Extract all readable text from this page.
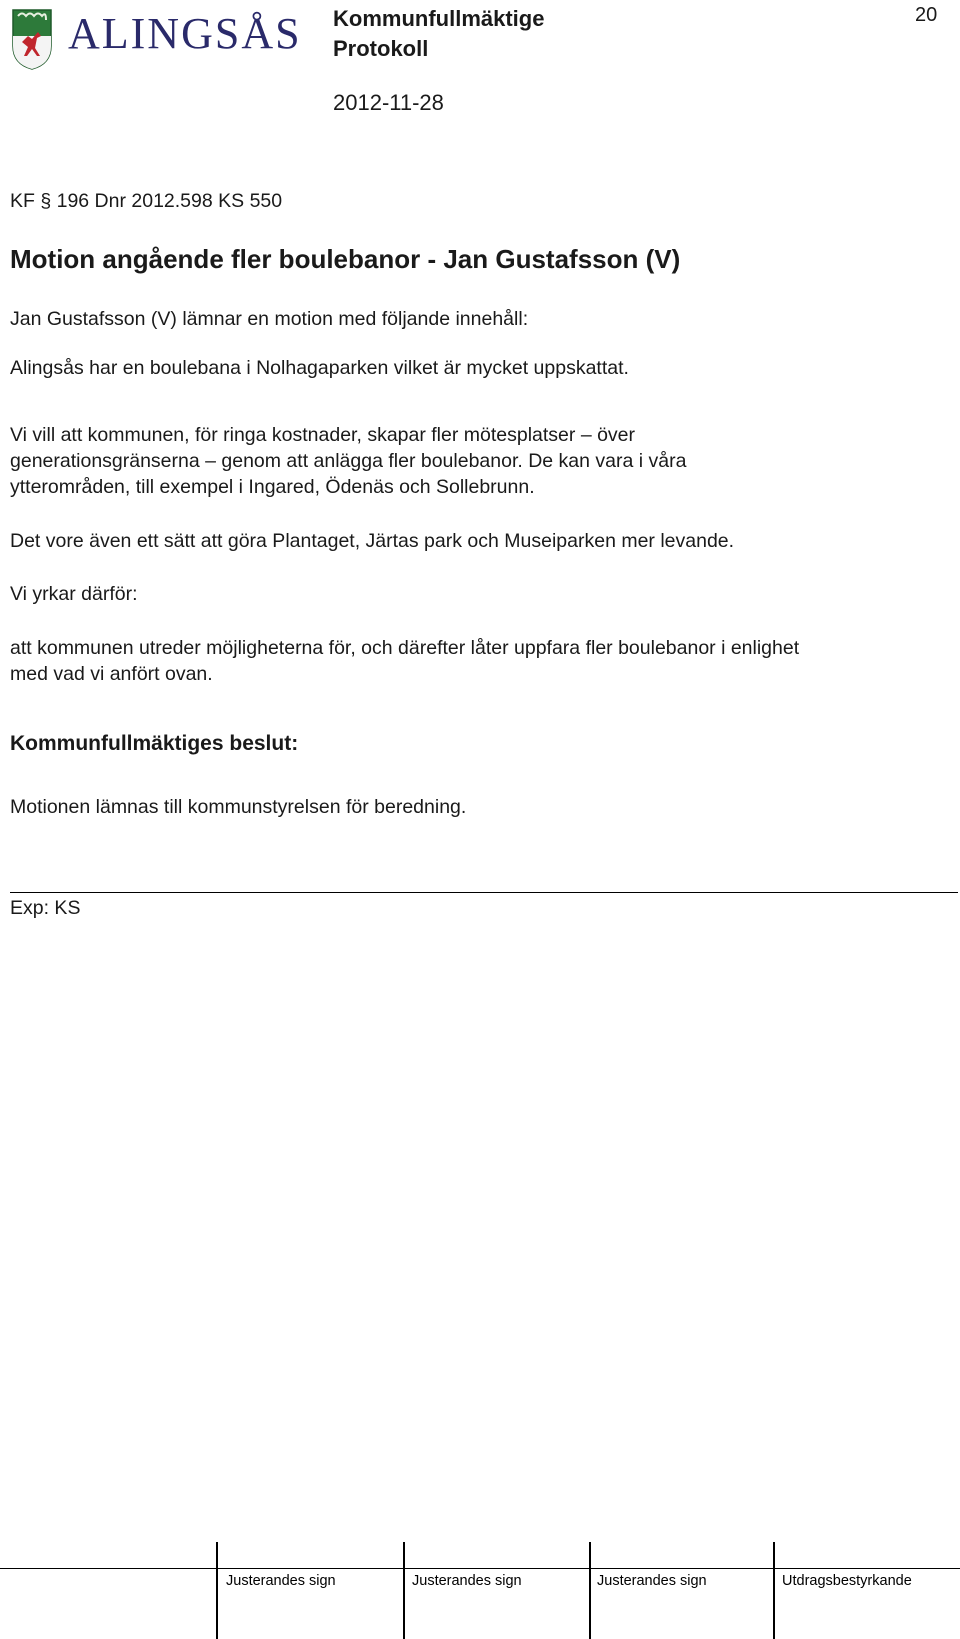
ALINGSÅS Kommunfullmäktige
Protokoll
20
2012-11-28
KF § 196 Dnr 2012.598 KS 550
Motion angående fler boulebanor - Jan Gustafsson (V)
Jan Gustafsson (V) lämnar en motion med följande innehåll:
Alingsås har en boulebana i Nolhagaparken vilket är mycket uppskattat.
Vi vill att kommunen, för ringa kostnader, skapar fler mötesplatser – över
generationsgränserna – genom att anlägga fler boulebanor. De kan vara i våra
ytterområden, till exempel i Ingared, Ödenäs och Sollebrunn.
Det vore även ett sätt att göra Plantaget, Järtas park och Museiparken mer levande.
Vi yrkar därför:
att kommunen utreder möjligheterna för, och därefter låter uppfara fler boulebanor i enlighet
med vad vi anfört ovan.
Kommunfullmäktiges beslut:
Motionen lämnas till kommunstyrelsen för beredning.
Exp: KS
Justerandes sign	Justerandes sign	Justerandes sign	Utdragsbestyrkande
